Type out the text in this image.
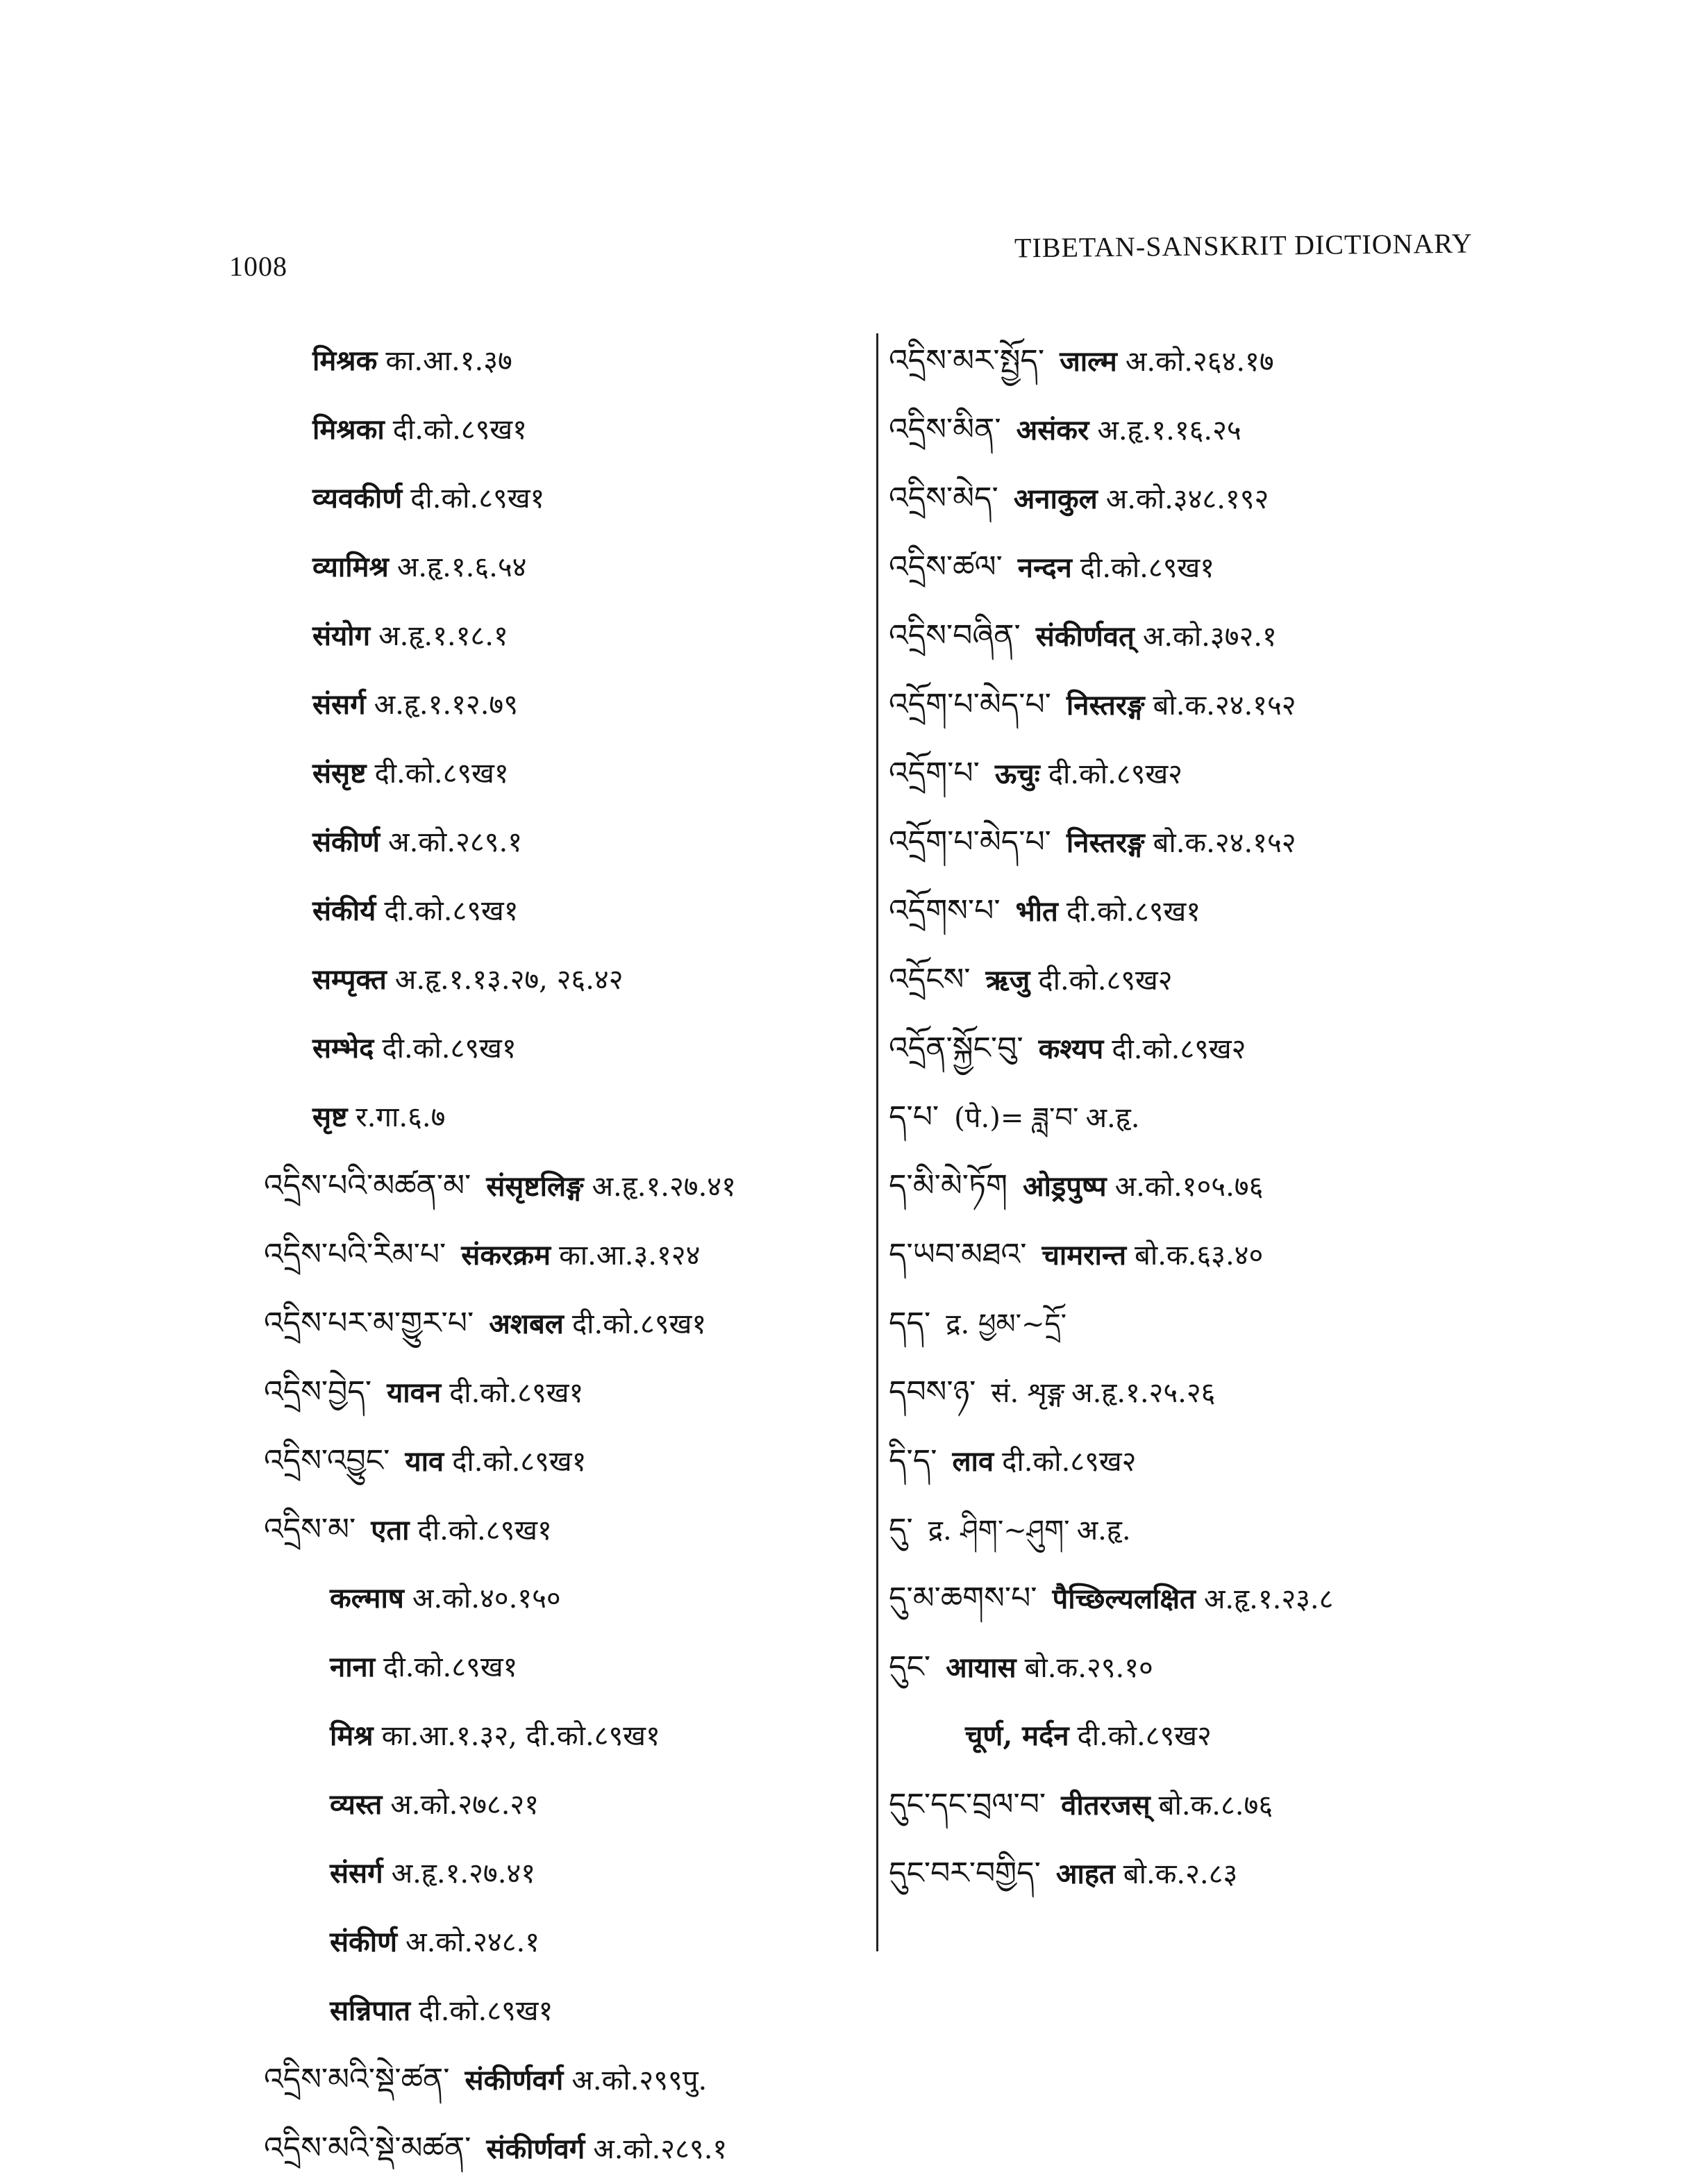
1008
TIBETAN-SANSKRIT DICTIONARY
मिश्रक का.आ.१.३७
मिश्रका दी.को.८९ख१
व्यवकीर्ण दी.को.८९ख१
व्यामिश्र अ.हृ.१.६.५४
संयोग अ.हृ.१.१८.१
संसर्ग अ.हृ.१.१२.७९
संसृष्ट दी.को.८९ख१
संकीर्ण अ.को.२८९.१
संकीर्य दी.को.८९ख१
सम्पृक्त अ.हृ.१.१३.२७, २६.४२
सम्भेद दी.को.८९ख१
सृष्ट र.गा.६.७
འདྲིས་པའི་མཚན་མ་ संसृष्टलिङ्ग अ.हृ.१.२७.४१
འདྲིས་པའི་རིམ་པ་ संकरक्रम का.आ.३.१२४
འདྲིས་པར་མ་གྱུར་པ་ अशबल दी.को.८९ख१
འདྲིས་བྱེད་ यावन दी.को.८९ख१
འདྲིས་འབྱུང་ याव दी.को.८९ख१
འདྲིས་མ་ एता दी.को.८९ख१
कल्माष अ.को.४०.१५०
नाना दी.को.८९ख१
मिश्र का.आ.१.३२, दी.को.८९ख१
व्यस्त अ.को.२७८.२१
संसर्ग अ.हृ.१.२७.४१
संकीर्ण अ.को.२४८.१
सन्निपात दी.को.८९ख१
འདྲིས་མའི་སྡེ་ཚན་ संकीर्णवर्ग अ.को.२९९पु.
འདྲིས་མའི་སྡེ་མཚན་ संकीर्णवर्ग अ.को.२८९.१
འདྲིས་མར་སྤྱོད་ जाल्म अ.को.२६४.१७
འདྲིས་མིན་ असंकर अ.हृ.१.१६.२५
འདྲིས་མེད་ अनाकुल अ.को.३४८.१९२
འདྲིས་ཚལ་ नन्दन दी.को.८९ख१
འདྲིས་བཞིན་ संकीर्णवत् अ.को.३७२.१
འདྲོག་པ་མེད་པ་ निस्तरङ्ग बो.क.२४.१५२
འདྲོག་པ་ ऊचुः दी.को.८९ख२
འདྲོག་པ་མེད་པ་ निस्तरङ्ग बो.क.२४.१५२
འདྲོགས་པ་ भीत दी.को.८९ख१
འདྲོངས་ ऋजु दी.को.८९ख२
འདྲོན་སྐྱོང་བུ་ कश्यप दी.को.८९ख२
ད་པ་ (पे.)= ཟླ་བ་ अ.हृ.
ད་མི་མེ་ཏོག ओड्रपुष्प अ.को.१०५.७६
ད་ཡབ་མཐའ་ चामरान्त बो.क.६३.४०
དད་ द्र. ཕྱམ་~དྲོ་
དབས་ཉ་ सं. शृङ्ग अ.हृ.१.२५.२६
དི་ད་ लाव दी.को.८९ख२
དུ་ द्र. ཤིག་~ཤུག་ अ.हृ.
དུ་མ་ཆགས་པ་ पैच्छिल्यलक्षित अ.हृ.१.२३.८
དུང་ आयास बो.क.२९.१०
चूर्ण, मर्दन दी.को.८९ख२
དུང་དང་བྲལ་བ་ वीतरजस् बो.क.८.७६
དུང་བར་བགྱིད་ आहत बो.क.२.८३
